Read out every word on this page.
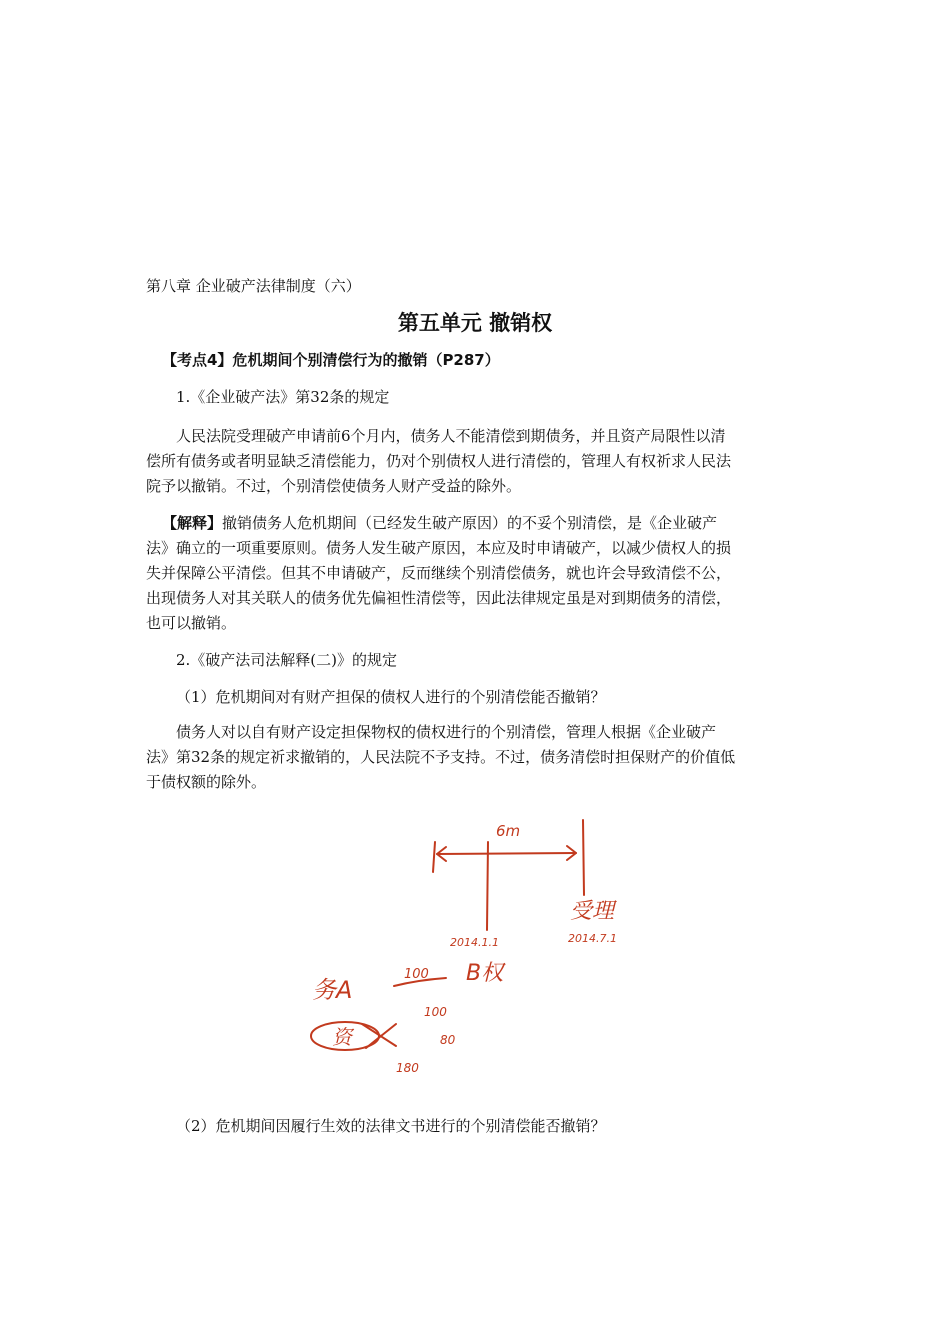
第八章 企业破产法律制度（六）
第五单元 撤销权
【考点4】危机期间个别清偿行为的撤销（P287）
1.《企业破产法》第32条的规定
人民法院受理破产申请前6个月内，债务人不能清偿到期债务，并且资产局限性以清
偿所有债务或者明显缺乏清偿能力，仍对个别债权人进行清偿的，管理人有权祈求人民法
院予以撤销。不过，个别清偿使债务人财产受益的除外。
【解释】撤销债务人危机期间（已经发生破产原因）的不妥个别清偿，是《企业破产
法》确立的一项重要原则。债务人发生破产原因，本应及时申请破产，以减少债权人的损
失并保障公平清偿。但其不申请破产，反而继续个别清偿债务，就也许会导致清偿不公，
出现债务人对其关联人的债务优先偏袒性清偿等，因此法律规定虽是对到期债务的清偿，
也可以撤销。
2.《破产法司法解释(二)》的规定
（1）危机期间对有财产担保的债权人进行的个别清偿能否撤销？
债务人对以自有财产设定担保物权的债权进行的个别清偿，管理人根据《企业破产
法》第32条的规定祈求撤销的，人民法院不予支持。不过，债务清偿时担保财产的价值低
于债权额的除外。
6m
2014.1.1	2014.7.1
受理
务A
100 B权
100
资	80
180
（2）危机期间因履行生效的法律文书进行的个别清偿能否撤销？
